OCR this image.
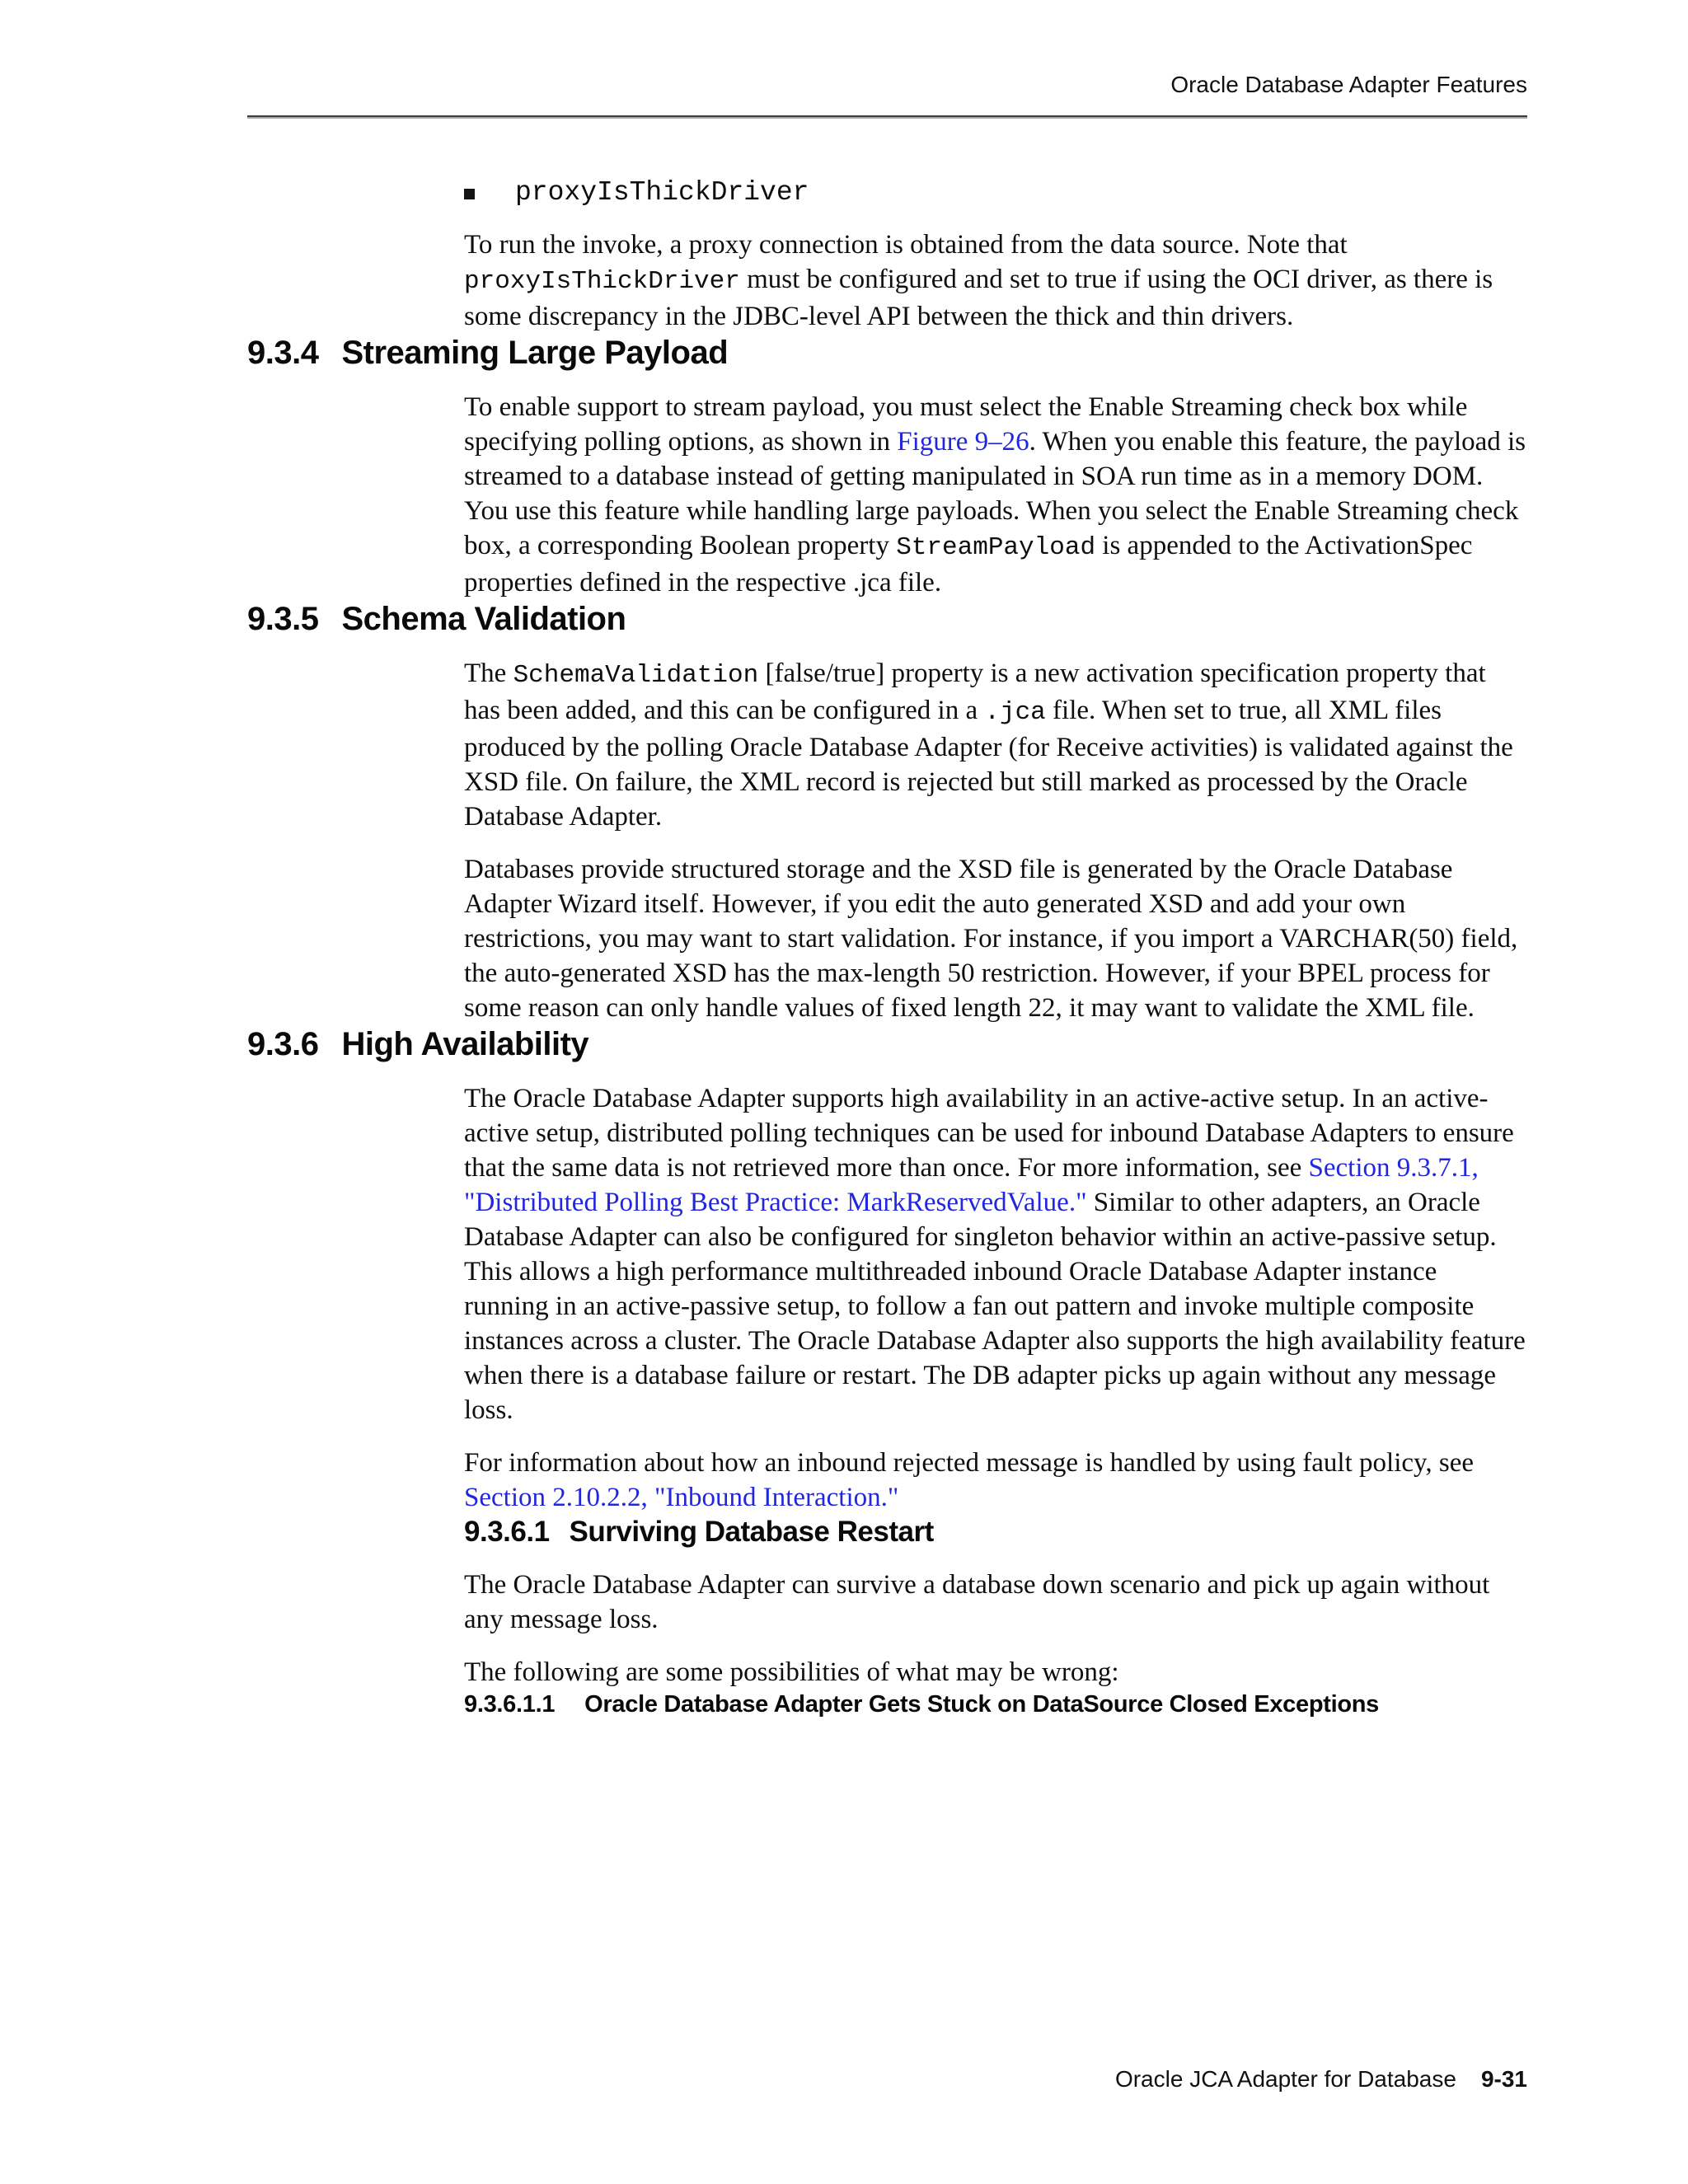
Oracle Database Adapter Features
proxyIsThickDriver

To run the invoke, a proxy connection is obtained from the data source. Note that proxyIsThickDriver must be configured and set to true if using the OCI driver, as there is some discrepancy in the JDBC-level API between the thick and thin drivers.

9.3.4 Streaming Large Payload

To enable support to stream payload, you must select the Enable Streaming check box while specifying polling options, as shown in Figure 9–26. When you enable this feature, the payload is streamed to a database instead of getting manipulated in SOA run time as in a memory DOM. You use this feature while handling large payloads. When you select the Enable Streaming check box, a corresponding Boolean property StreamPayload is appended to the ActivationSpec properties defined in the respective .jca file.

9.3.5 Schema Validation

The SchemaValidation [false/true] property is a new activation specification property that has been added, and this can be configured in a .jca file. When set to true, all XML files produced by the polling Oracle Database Adapter (for Receive activities) is validated against the XSD file. On failure, the XML record is rejected but still marked as processed by the Oracle Database Adapter.

Databases provide structured storage and the XSD file is generated by the Oracle Database Adapter Wizard itself. However, if you edit the auto generated XSD and add your own restrictions, you may want to start validation. For instance, if you import a VARCHAR(50) field, the auto-generated XSD has the max-length 50 restriction. However, if your BPEL process for some reason can only handle values of fixed length 22, it may want to validate the XML file.

9.3.6 High Availability

The Oracle Database Adapter supports high availability in an active-active setup. In an active-active setup, distributed polling techniques can be used for inbound Database Adapters to ensure that the same data is not retrieved more than once. For more information, see Section 9.3.7.1, "Distributed Polling Best Practice: MarkReservedValue." Similar to other adapters, an Oracle Database Adapter can also be configured for singleton behavior within an active-passive setup. This allows a high performance multithreaded inbound Oracle Database Adapter instance running in an active-passive setup, to follow a fan out pattern and invoke multiple composite instances across a cluster. The Oracle Database Adapter also supports the high availability feature when there is a database failure or restart. The DB adapter picks up again without any message loss.

For information about how an inbound rejected message is handled by using fault policy, see Section 2.10.2.2, "Inbound Interaction."

9.3.6.1 Surviving Database Restart

The Oracle Database Adapter can survive a database down scenario and pick up again without any message loss.

The following are some possibilities of what may be wrong:

9.3.6.1.1 Oracle Database Adapter Gets Stuck on DataSource Closed Exceptions
Oracle JCA Adapter for Database 9-31
